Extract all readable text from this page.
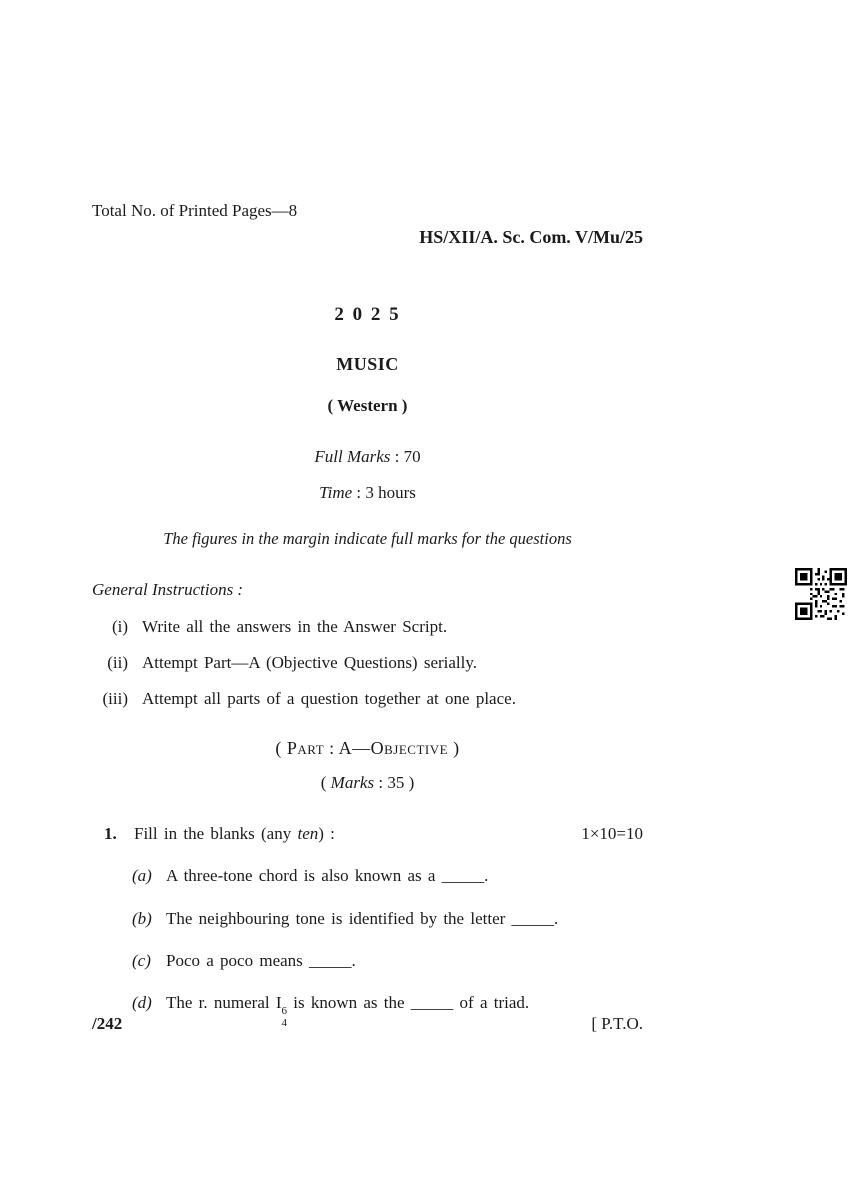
Total No. of Printed Pages—8
HS/XII/A. Sc. Com. V/Mu/25
2 0 2 5
MUSIC
( Western )
Full Marks : 70
Time : 3 hours
The figures in the margin indicate full marks for the questions
General Instructions :
(i) Write all the answers in the Answer Script.
(ii) Attempt Part—A (Objective Questions) serially.
(iii) Attempt all parts of a question together at one place.
( Part : A—Objective )
( Marks : 35 )
1.	Fill in the blanks (any ten) :	1×10=10
(a) A three-tone chord is also known as a _____.
(b) The neighbouring tone is identified by the letter _____.
(c) Poco a poco means _____.
(d) The r. numeral I 6
4
is known as the _____ of a triad.
/242	[ P.T.O.
